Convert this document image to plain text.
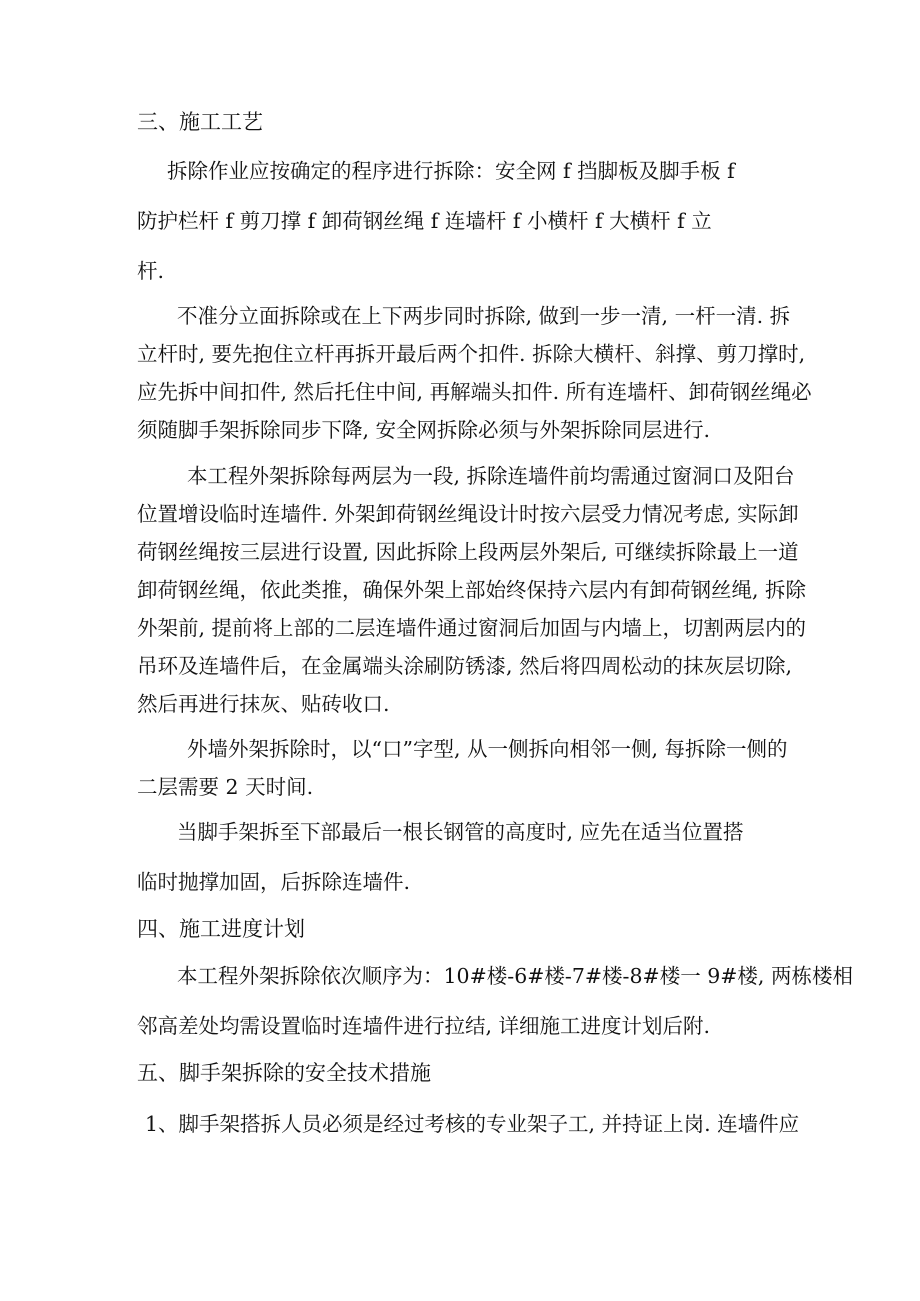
三、施工工艺
拆除作业应按确定的程序进行拆除：安全网 f 挡脚板及脚手板 f
防护栏杆 f 剪刀撑 f 卸荷钢丝绳 f 连墙杆 f 小横杆 f 大横杆 f 立
杆.
不准分立面拆除或在上下两步同时拆除, 做到一步一清, 一杆一清. 拆
立杆时, 要先抱住立杆再拆开最后两个扣件. 拆除大横杆、斜撑、剪刀撑时,
应先拆中间扣件, 然后托住中间, 再解端头扣件. 所有连墙杆、卸荷钢丝绳必
须随脚手架拆除同步下降, 安全网拆除必须与外架拆除同层进行.
本工程外架拆除每两层为一段, 拆除连墙件前均需通过窗洞口及阳台
位置增设临时连墙件. 外架卸荷钢丝绳设计时按六层受力情况考虑, 实际卸
荷钢丝绳按三层进行设置, 因此拆除上段两层外架后, 可继续拆除最上一道
卸荷钢丝绳，依此类推，确保外架上部始终保持六层内有卸荷钢丝绳, 拆除
外架前, 提前将上部的二层连墙件通过窗洞后加固与内墙上，切割两层内的
吊环及连墙件后，在金属端头涂刷防锈漆, 然后将四周松动的抹灰层切除,
然后再进行抹灰、贴砖收口.
外墙外架拆除时，以“口”字型, 从一侧拆向相邻一侧, 每拆除一侧的
二层需要 2 天时间.
当脚手架拆至下部最后一根长钢管的高度时, 应先在适当位置搭
临时抛撑加固，后拆除连墙件.
四、施工进度计划
本工程外架拆除依次顺序为：10#楼-6#楼-7#楼-8#楼一 9#楼, 两栋楼相
邻高差处均需设置临时连墙件进行拉结, 详细施工进度计划后附.
五、脚手架拆除的安全技术措施
1、脚手架搭拆人员必须是经过考核的专业架子工, 并持证上岗. 连墙件应
